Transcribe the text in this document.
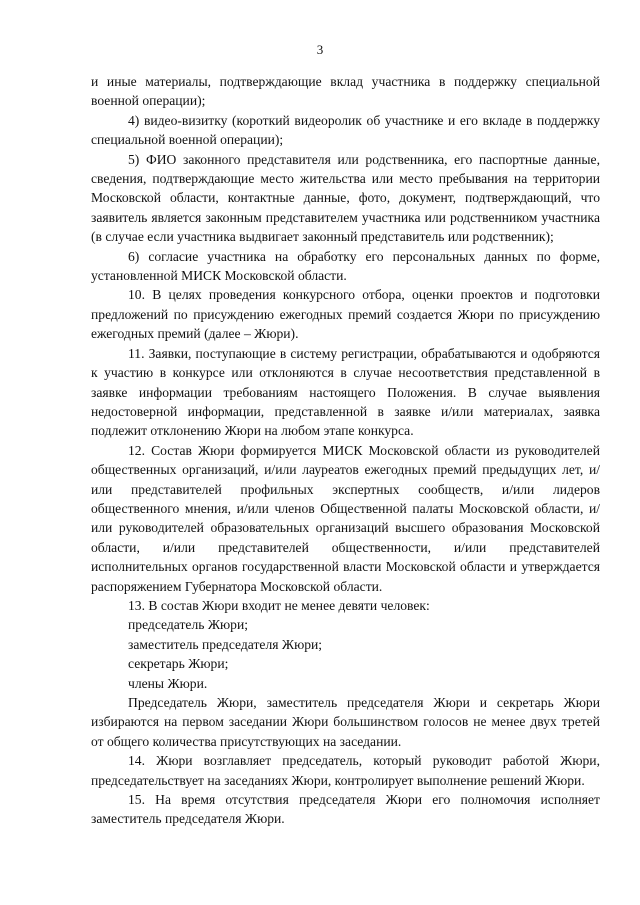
3

и иные материалы, подтверждающие вклад участника в поддержку специальной военной операции);

4) видео-визитку (короткий видеоролик об участнике и его вкладе в поддержку специальной военной операции);

5) ФИО законного представителя или родственника, его паспортные данные, сведения, подтверждающие место жительства или место пребывания на территории Московской области, контактные данные, фото, документ, подтверждающий, что заявитель является законным представителем участника или родственником участника (в случае если участника выдвигает законный представитель или родственник);

6) согласие участника на обработку его персональных данных по форме, установленной МИСК Московской области.

10. В целях проведения конкурсного отбора, оценки проектов и подготовки предложений по присуждению ежегодных премий создается Жюри по присуждению ежегодных премий (далее – Жюри).

11. Заявки, поступающие в систему регистрации, обрабатываются и одобряются к участию в конкурсе или отклоняются в случае несоответствия представленной в заявке информации требованиям настоящего Положения. В случае выявления недостоверной информации, представленной в заявке и/или материалах, заявка подлежит отклонению Жюри на любом этапе конкурса.

12. Состав Жюри формируется МИСК Московской области из руководителей общественных организаций, и/или лауреатов ежегодных премий предыдущих лет, и/или представителей профильных экспертных сообществ, и/или лидеров общественного мнения, и/или членов Общественной палаты Московской области, и/или руководителей образовательных организаций высшего образования Московской области, и/или представителей общественности, и/или представителей исполнительных органов государственной власти Московской области и утверждается распоряжением Губернатора Московской области.

13. В состав Жюри входит не менее девяти человек:

председатель Жюри;

заместитель председателя Жюри;

секретарь Жюри;

члены Жюри.

Председатель Жюри, заместитель председателя Жюри и секретарь Жюри избираются на первом заседании Жюри большинством голосов не менее двух третей от общего количества присутствующих на заседании.

14. Жюри возглавляет председатель, который руководит работой Жюри, председательствует на заседаниях Жюри, контролирует выполнение решений Жюри.

15. На время отсутствия председателя Жюри его полномочия исполняет заместитель председателя Жюри.
